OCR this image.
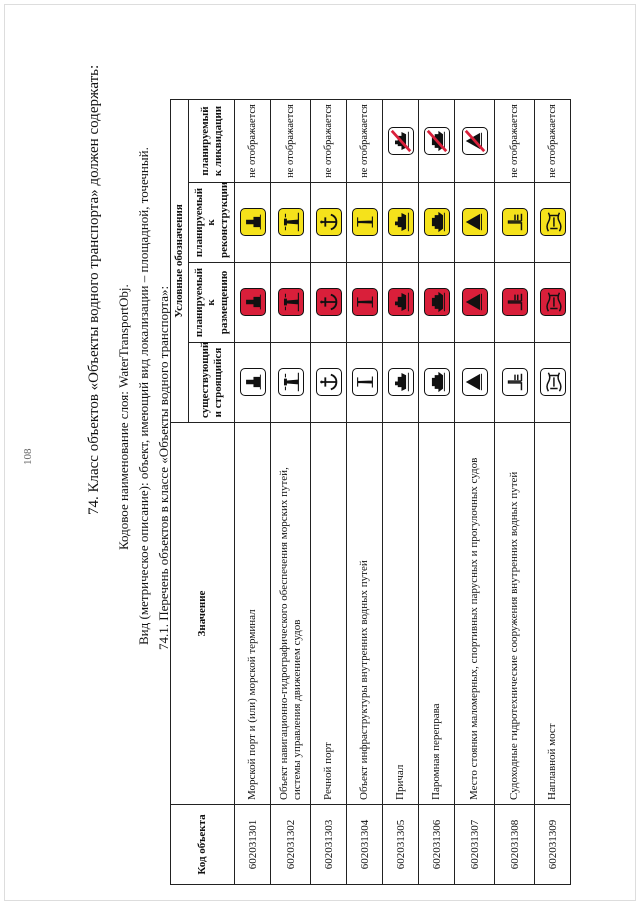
108	74. Класс объектов «Объекты водного транспорта» должен содержать: Кодовое наименование слоя: WaterTransportObj. Вид (метрическое описание): объект, имеющий вид локализации – площадной, точечный. 74.1. Перечень объектов в классе «Объекты водного транспорта»:
Код объекта	Значение	Условные обозначения			
		существующий и строящийся	планируемый к размещению	планируемый к реконструкции	планируемый к ликвидации
602031301	Морской порт и (или) морской терминал				не отображается
602031302	Объект навигационно-гидрографического обеспечения морских путей, системы управления движением судов				не отображается
602031303	Речной порт				не отображается
602031304	Объект инфраструктуры внутренних водных путей				не отображается
602031305	Причал	

602031306	Паромная переправа	

602031307	Место стоянки маломерных, спортивных парусных и прогулочных судов	

602031308	Судоходные гидротехнические сооружения внутренних водных путей				не отображается
602031309	Наплавной мост				не отображается
